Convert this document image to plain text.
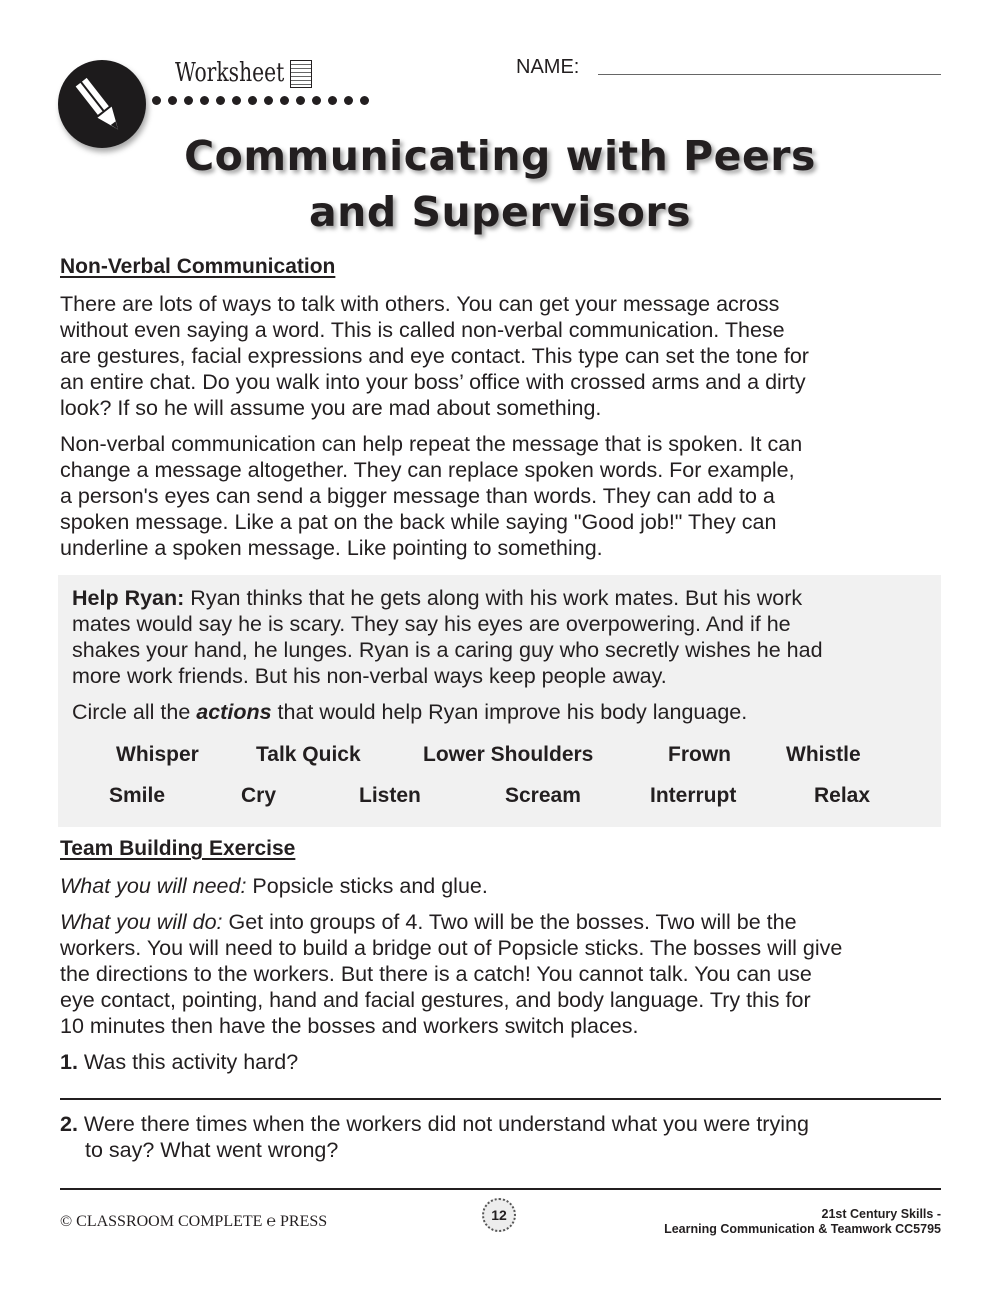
Worksheet	NAME:
Communicating with Peers
and Supervisors
Non-Verbal Communication
There are lots of ways to talk with others. You can get your message across
without even saying a word. This is called non-verbal communication. These
are gestures, facial expressions and eye contact. This type can set the tone for
an entire chat. Do you walk into your boss’ office with crossed arms and a dirty
look? If so he will assume you are mad about something.
Non-verbal communication can help repeat the message that is spoken. It can
change a message altogether. They can replace spoken words. For example,
a person's eyes can send a bigger message than words. They can add to a
spoken message. Like a pat on the back while saying "Good job!" They can
underline a spoken message. Like pointing to something.
Help Ryan: Ryan thinks that he gets along with his work mates. But his work
mates would say he is scary. They say his eyes are overpowering. And if he
shakes your hand, he lunges. Ryan is a caring guy who secretly wishes he had
more work friends. But his non-verbal ways keep people away.
Circle all the actions that would help Ryan improve his body language.
Whisper	Talk Quick	Lower Shoulders	Frown	Whistle
Smile	Cry	Listen	Scream	Interrupt	Relax
Team Building Exercise
What you will need: Popsicle sticks and glue.
What you will do: Get into groups of 4. Two will be the bosses. Two will be the
workers. You will need to build a bridge out of Popsicle sticks. The bosses will give
the directions to the workers. But there is a catch! You cannot talk. You can use
eye contact, pointing, hand and facial gestures, and body language. Try this for
10 minutes then have the bosses and workers switch places.
1. Was this activity hard?
2. Were there times when the workers did not understand what you were trying
to say? What went wrong?
© CLASSROOM COMPLETE ℮ PRESS	12	21st Century Skills -
Learning Communication & Teamwork CC5795
